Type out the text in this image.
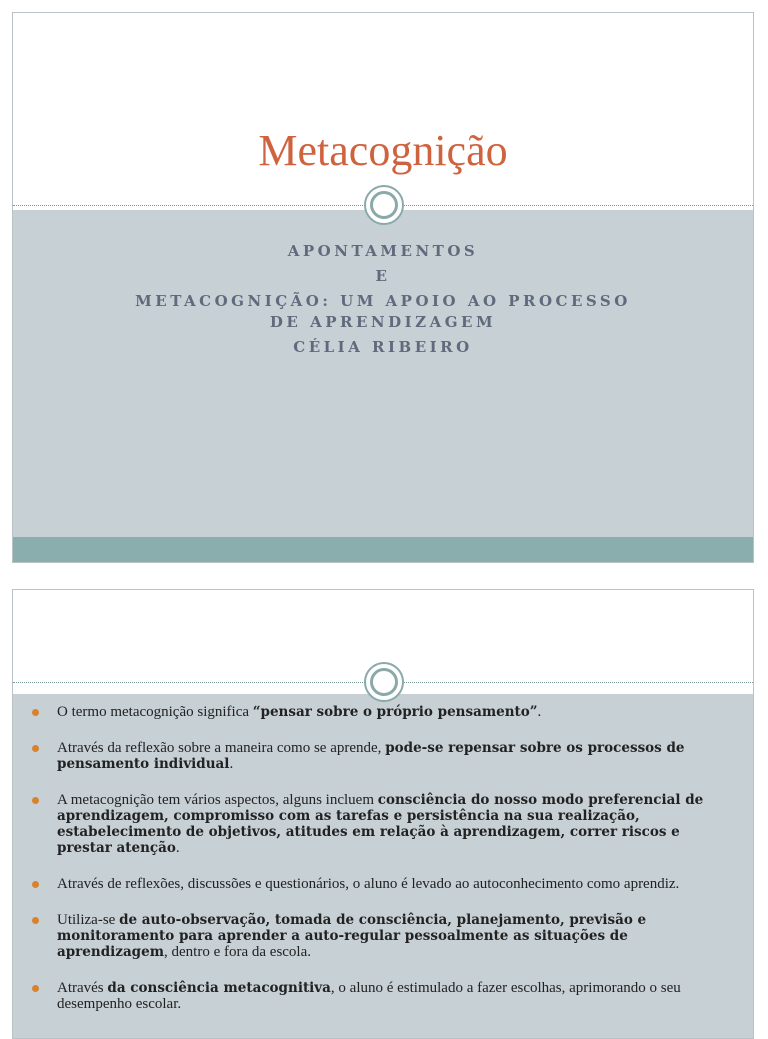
Metacognição
APONTAMENTOS
E
METACOGNIÇÃO: UM APOIO AO PROCESSO
DE APRENDIZAGEM
CÉLIA RIBEIRO
O termo metacognição significa “pensar sobre o próprio pensamento”.
Através da reflexão sobre a maneira como se aprende, pode-se repensar sobre os processos de pensamento individual.
A metacognição tem vários aspectos, alguns incluem consciência do nosso modo preferencial de aprendizagem, compromisso com as tarefas e persistência na sua realização, estabelecimento de objetivos, atitudes em relação à aprendizagem, correr riscos e prestar atenção.
Através de reflexões, discussões e questionários, o aluno é levado ao autoconhecimento como aprendiz.
Utiliza-se de auto-observação, tomada de consciência, planejamento, previsão e monitoramento para aprender a auto-regular pessoalmente as situações de aprendizagem, dentro e fora da escola.
Através da consciência metacognitiva, o aluno é estimulado a fazer escolhas, aprimorando o seu desempenho escolar.
